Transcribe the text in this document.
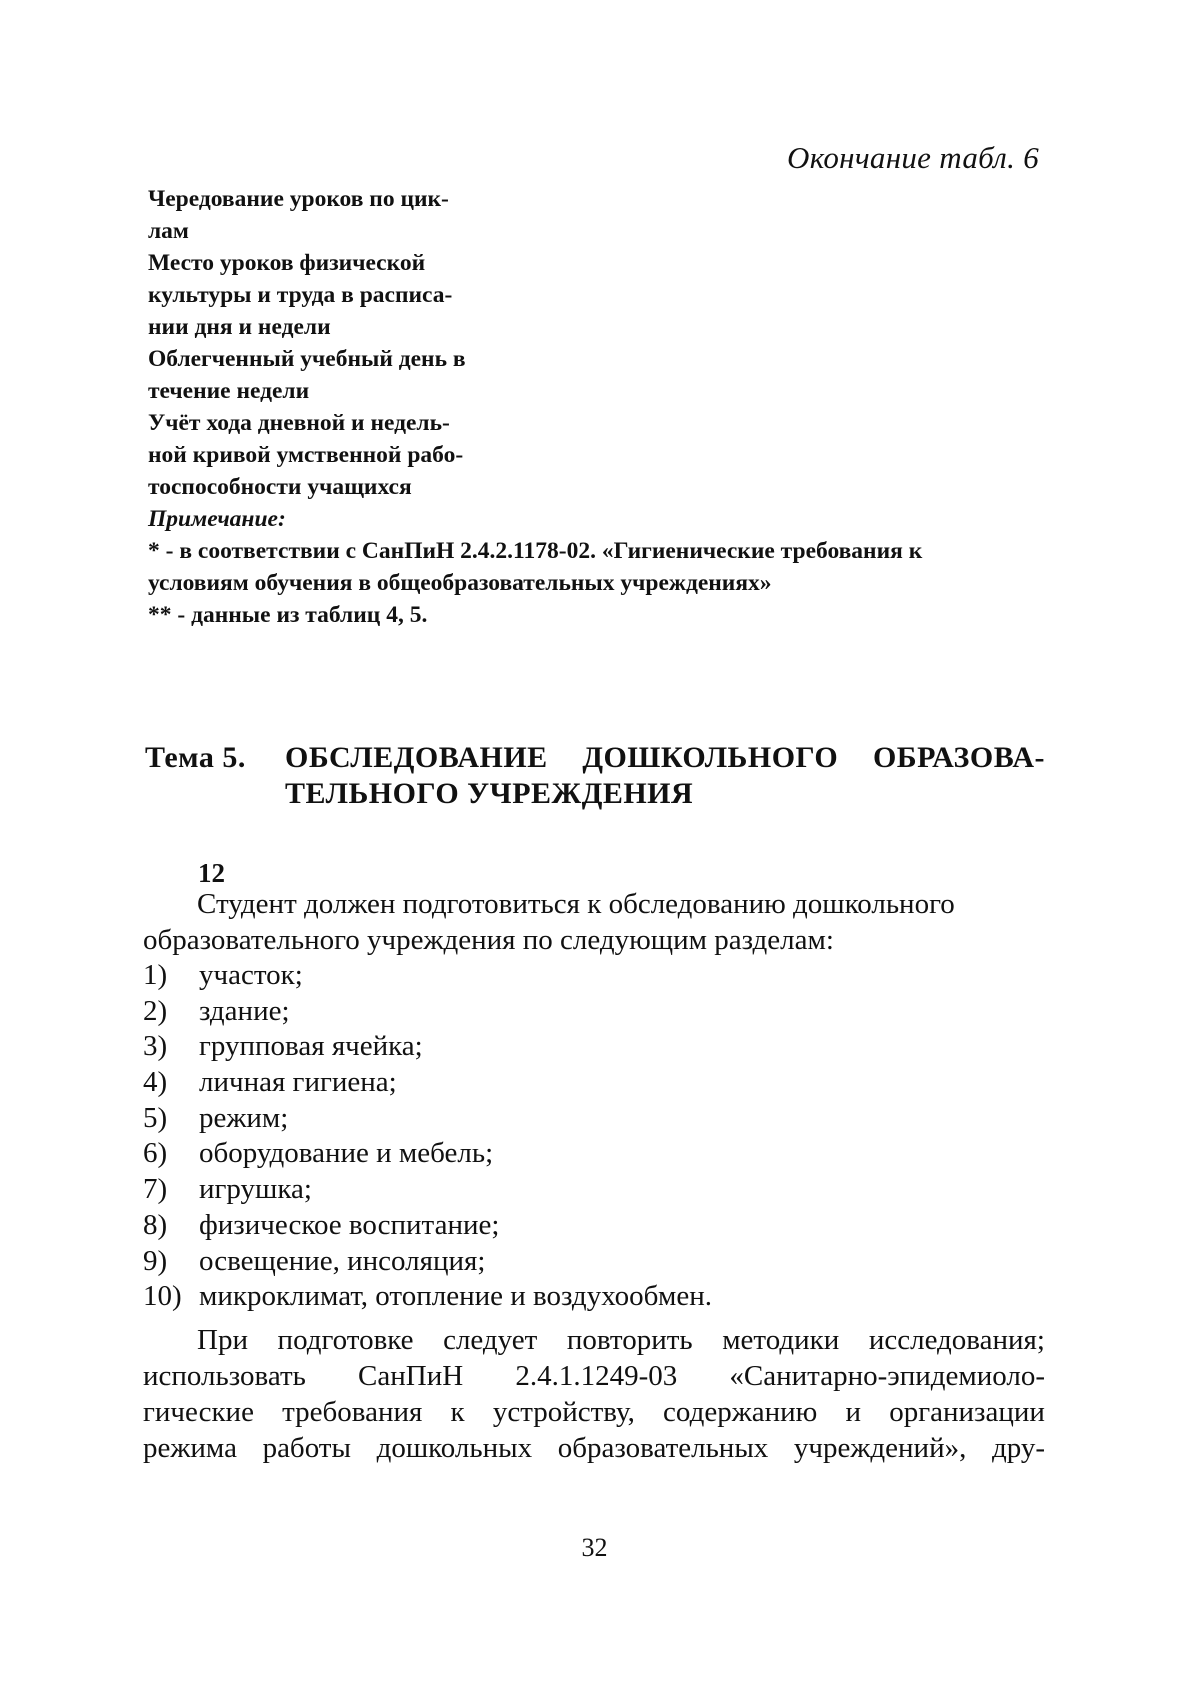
Окончание табл. 6
Чередование уроков по цик-
лам
Место уроков физической
культуры и труда в расписа-
нии дня и недели
Облегченный учебный день в
течение недели
Учёт хода дневной и недель-
ной кривой умственной рабо-
тоспособности учащихся
Примечание:
* - в соответствии с СанПиН 2.4.2.1178-02. «Гигиенические требования к
условиям обучения в общеобразовательных учреждениях»
** - данные из таблиц 4, 5.
Тема 5. ОБСЛЕДОВАНИЕ ДОШКОЛЬНОГО ОБРАЗОВА-
ТЕЛЬНОГО УЧРЕЖДЕНИЯ
12
Студент должен подготовиться к обследованию дошкольного
образовательного учреждения по следующим разделам:
1)	участок;
2)	здание;
3)	групповая ячейка;
4)	личная гигиена;
5)	режим;
6)	оборудование и мебель;
7)	игрушка;
8)	физическое воспитание;
9)	освещение, инсоляция;
10) микроклимат, отопление и воздухообмен.
При подготовке следует повторить методики исследования;
использовать СанПиН 2.4.1.1249-03 «Санитарно-эпидемиоло-
гические требования к устройству, содержанию и организации
режима работы дошкольных образовательных учреждений», дру-
32
